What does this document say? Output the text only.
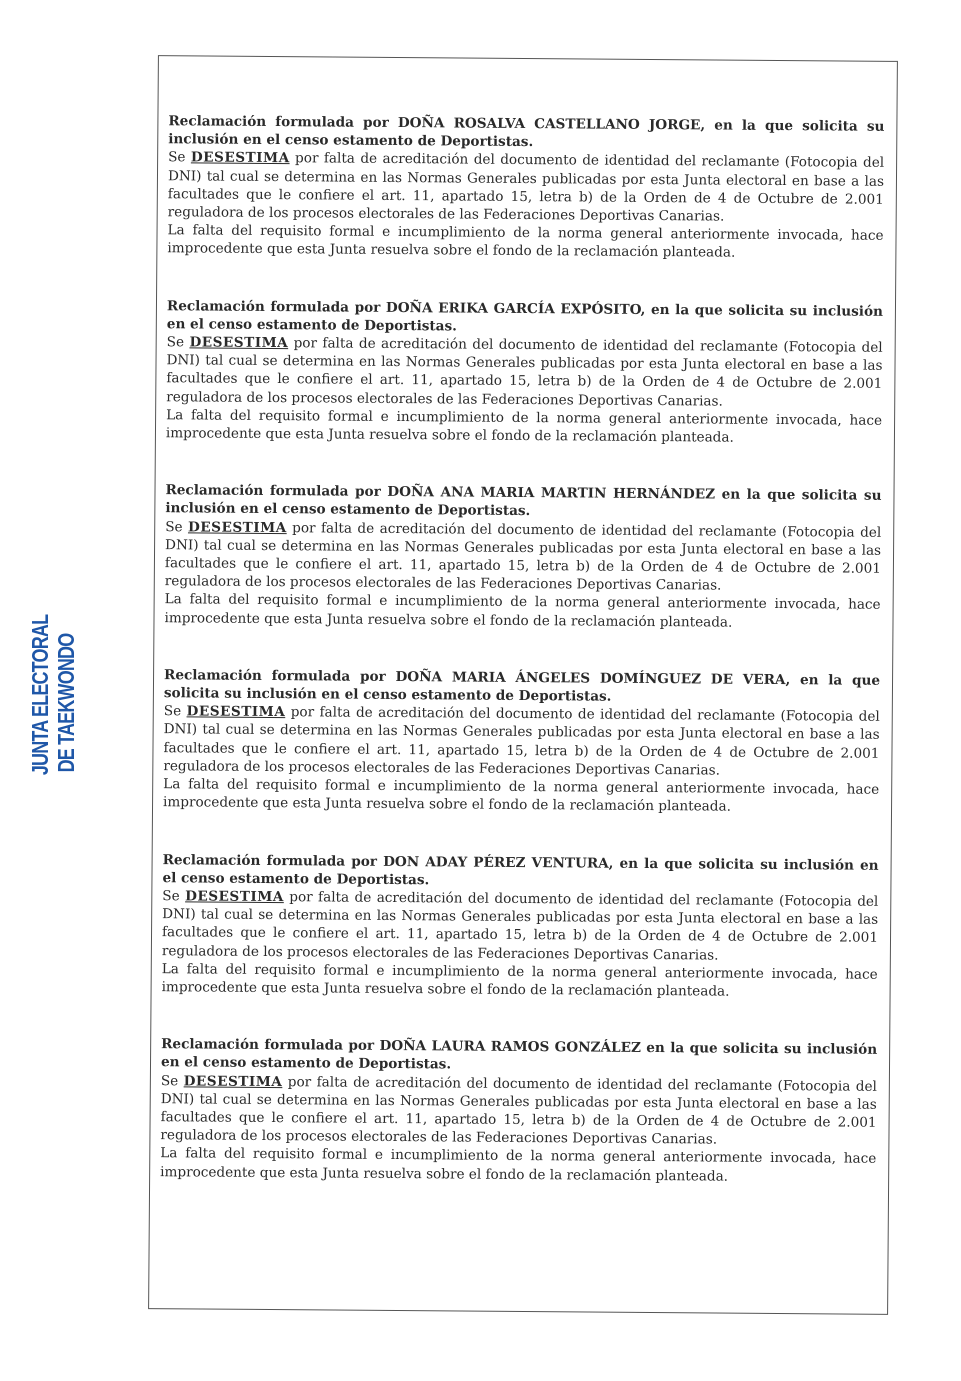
JUNTA ELECTORAL DE TAEKWONDO

Reclamación formulada por DOÑA ROSALVA CASTELLANO JORGE, en la que solicita su inclusión en el censo estamento de Deportistas.

Se DESESTIMA por falta de acreditación del documento de identidad del reclamante (Fotocopia del DNI) tal cual se determina en las Normas Generales publicadas por esta Junta electoral en base a las facultades que le confiere el art. 11, apartado 15, letra b) de la Orden de 4 de Octubre de 2.001 reguladora de los procesos electorales de las Federaciones Deportivas Canarias.

La falta del requisito formal e incumplimiento de la norma general anteriormente invocada, hace improcedente que esta Junta resuelva sobre el fondo de la reclamación planteada.

Reclamación formulada por DOÑA ERIKA GARCÍA EXPÓSITO, en la que solicita su inclusión en el censo estamento de Deportistas.

Se DESESTIMA por falta de acreditación del documento de identidad del reclamante (Fotocopia del DNI) tal cual se determina en las Normas Generales publicadas por esta Junta electoral en base a las facultades que le confiere el art. 11, apartado 15, letra b) de la Orden de 4 de Octubre de 2.001 reguladora de los procesos electorales de las Federaciones Deportivas Canarias.

La falta del requisito formal e incumplimiento de la norma general anteriormente invocada, hace improcedente que esta Junta resuelva sobre el fondo de la reclamación planteada.

Reclamación formulada por DOÑA ANA MARIA MARTIN HERNÁNDEZ en la que solicita su inclusión en el censo estamento de Deportistas.

Se DESESTIMA por falta de acreditación del documento de identidad del reclamante (Fotocopia del DNI) tal cual se determina en las Normas Generales publicadas por esta Junta electoral en base a las facultades que le confiere el art. 11, apartado 15, letra b) de la Orden de 4 de Octubre de 2.001 reguladora de los procesos electorales de las Federaciones Deportivas Canarias.

La falta del requisito formal e incumplimiento de la norma general anteriormente invocada, hace improcedente que esta Junta resuelva sobre el fondo de la reclamación planteada.

Reclamación formulada por DOÑA MARIA ÁNGELES DOMÍNGUEZ DE VERA, en la que solicita su inclusión en el censo estamento de Deportistas.

Se DESESTIMA por falta de acreditación del documento de identidad del reclamante (Fotocopia del DNI) tal cual se determina en las Normas Generales publicadas por esta Junta electoral en base a las facultades que le confiere el art. 11, apartado 15, letra b) de la Orden de 4 de Octubre de 2.001 reguladora de los procesos electorales de las Federaciones Deportivas Canarias.

La falta del requisito formal e incumplimiento de la norma general anteriormente invocada, hace improcedente que esta Junta resuelva sobre el fondo de la reclamación planteada.

Reclamación formulada por DON ADAY PÉREZ VENTURA, en la que solicita su inclusión en el censo estamento de Deportistas.

Se DESESTIMA por falta de acreditación del documento de identidad del reclamante (Fotocopia del DNI) tal cual se determina en las Normas Generales publicadas por esta Junta electoral en base a las facultades que le confiere el art. 11, apartado 15, letra b) de la Orden de 4 de Octubre de 2.001 reguladora de los procesos electorales de las Federaciones Deportivas Canarias.

La falta del requisito formal e incumplimiento de la norma general anteriormente invocada, hace improcedente que esta Junta resuelva sobre el fondo de la reclamación planteada.

Reclamación formulada por DOÑA LAURA RAMOS GONZÁLEZ en la que solicita su inclusión en el censo estamento de Deportistas.

Se DESESTIMA por falta de acreditación del documento de identidad del reclamante (Fotocopia del DNI) tal cual se determina en las Normas Generales publicadas por esta Junta electoral en base a las facultades que le confiere el art. 11, apartado 15, letra b) de la Orden de 4 de Octubre de 2.001 reguladora de los procesos electorales de las Federaciones Deportivas Canarias.

La falta del requisito formal e incumplimiento de la norma general anteriormente invocada, hace improcedente que esta Junta resuelva sobre el fondo de la reclamación planteada.
